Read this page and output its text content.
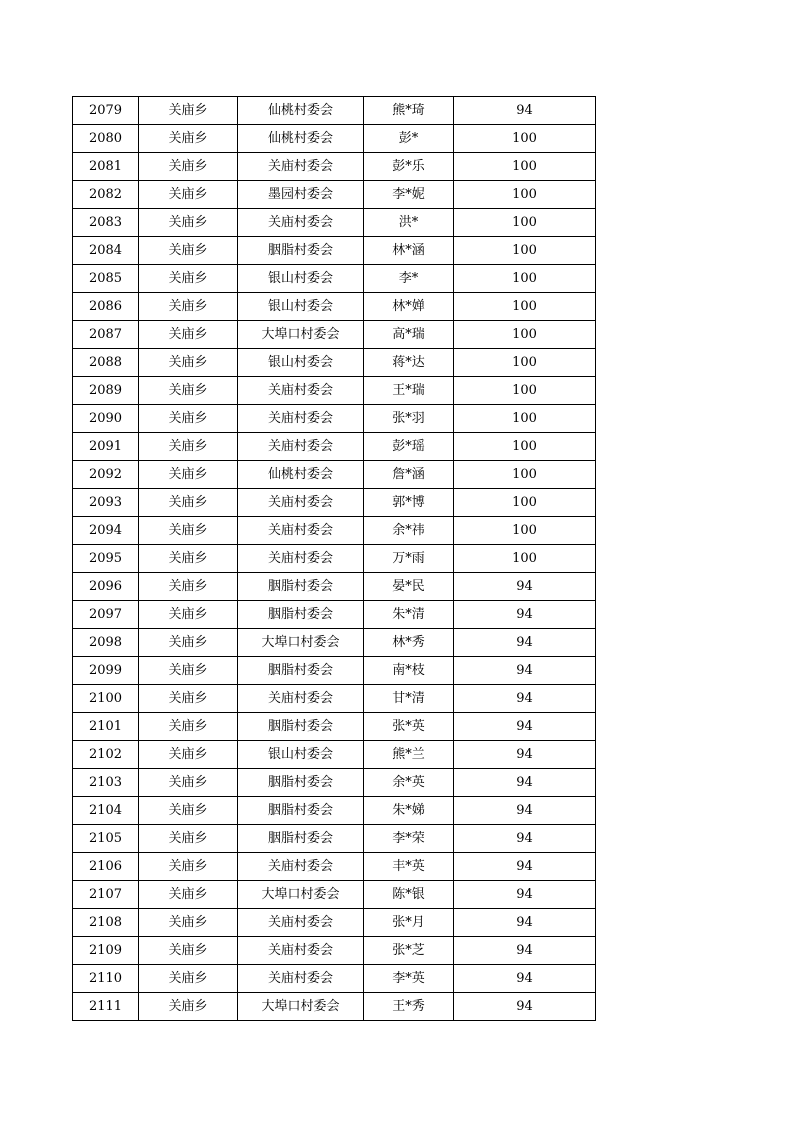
2079	关庙乡	仙桃村委会	熊*琦	94
2080	关庙乡	仙桃村委会	彭*	100
2081	关庙乡	关庙村委会	彭*乐	100
2082	关庙乡	墨园村委会	李*妮	100
2083	关庙乡	关庙村委会	洪*	100
2084	关庙乡	胭脂村委会	林*涵	100
2085	关庙乡	银山村委会	李*	100
2086	关庙乡	银山村委会	林*婵	100
2087	关庙乡	大埠口村委会	高*瑞	100
2088	关庙乡	银山村委会	蒋*达	100
2089	关庙乡	关庙村委会	王*瑞	100
2090	关庙乡	关庙村委会	张*羽	100
2091	关庙乡	关庙村委会	彭*瑶	100
2092	关庙乡	仙桃村委会	詹*涵	100
2093	关庙乡	关庙村委会	郭*博	100
2094	关庙乡	关庙村委会	余*祎	100
2095	关庙乡	关庙村委会	万*雨	100
2096	关庙乡	胭脂村委会	晏*民	94
2097	关庙乡	胭脂村委会	朱*清	94
2098	关庙乡	大埠口村委会	林*秀	94
2099	关庙乡	胭脂村委会	南*枝	94
2100	关庙乡	关庙村委会	甘*清	94
2101	关庙乡	胭脂村委会	张*英	94
2102	关庙乡	银山村委会	熊*兰	94
2103	关庙乡	胭脂村委会	余*英	94
2104	关庙乡	胭脂村委会	朱*娣	94
2105	关庙乡	胭脂村委会	李*荣	94
2106	关庙乡	关庙村委会	丰*英	94
2107	关庙乡	大埠口村委会	陈*银	94
2108	关庙乡	关庙村委会	张*月	94
2109	关庙乡	关庙村委会	张*芝	94
2110	关庙乡	关庙村委会	李*英	94
2111	关庙乡	大埠口村委会	王*秀	94
